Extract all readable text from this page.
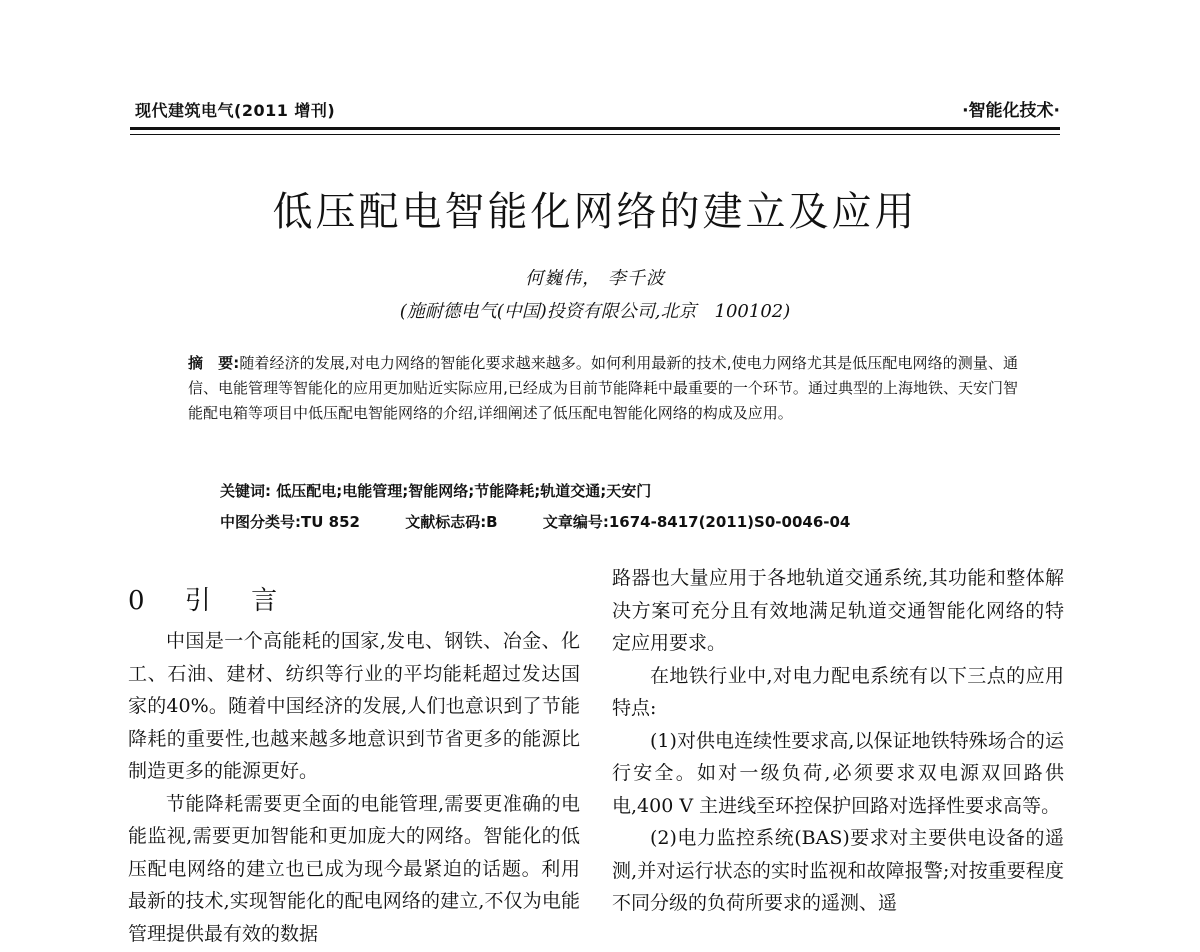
现代建筑电气(2011 增刊)	·智能化技术·
低压配电智能化网络的建立及应用
何巍伟， 李千波
(施耐德电气(中国)投资有限公司,北京　100102)
摘　要:随着经济的发展,对电力网络的智能化要求越来越多。如何利用最新的技术,使电力网络尤其是低压配电网络的测量、通信、电能管理等智能化的应用更加贴近实际应用,已经成为目前节能降耗中最重要的一个环节。通过典型的上海地铁、天安门智能配电箱等项目中低压配电智能网络的介绍,详细阐述了低压配电智能化网络的构成及应用。
关键词: 低压配电;电能管理;智能网络;节能降耗;轨道交通;天安门
中图分类号:TU 852	文献标志码:B	文章编号:1674-8417(2011)S0-0046-04
0 引 言

中国是一个高能耗的国家,发电、钢铁、冶金、化工、石油、建材、纺织等行业的平均能耗超过发达国家的40%。随着中国经济的发展,人们也意识到了节能降耗的重要性,也越来越多地意识到节省更多的能源比制造更多的能源更好。

节能降耗需要更全面的电能管理,需要更准确的电能监视,需要更加智能和更加庞大的网络。智能化的低压配电网络的建立也已成为现今最紧迫的话题。利用最新的技术,实现智能化的配电网络的建立,不仅为电能管理提供最有效的数据

路器也大量应用于各地轨道交通系统,其功能和整体解决方案可充分且有效地满足轨道交通智能化网络的特定应用要求。

在地铁行业中,对电力配电系统有以下三点的应用特点:

(1)对供电连续性要求高,以保证地铁特殊场合的运行安全。如对一级负荷,必须要求双电源双回路供电,400 V 主进线至环控保护回路对选择性要求高等。

(2)电力监控系统(BAS)要求对主要供电设备的遥测,并对运行状态的实时监视和故障报警;对按重要程度不同分级的负荷所要求的遥测、遥
